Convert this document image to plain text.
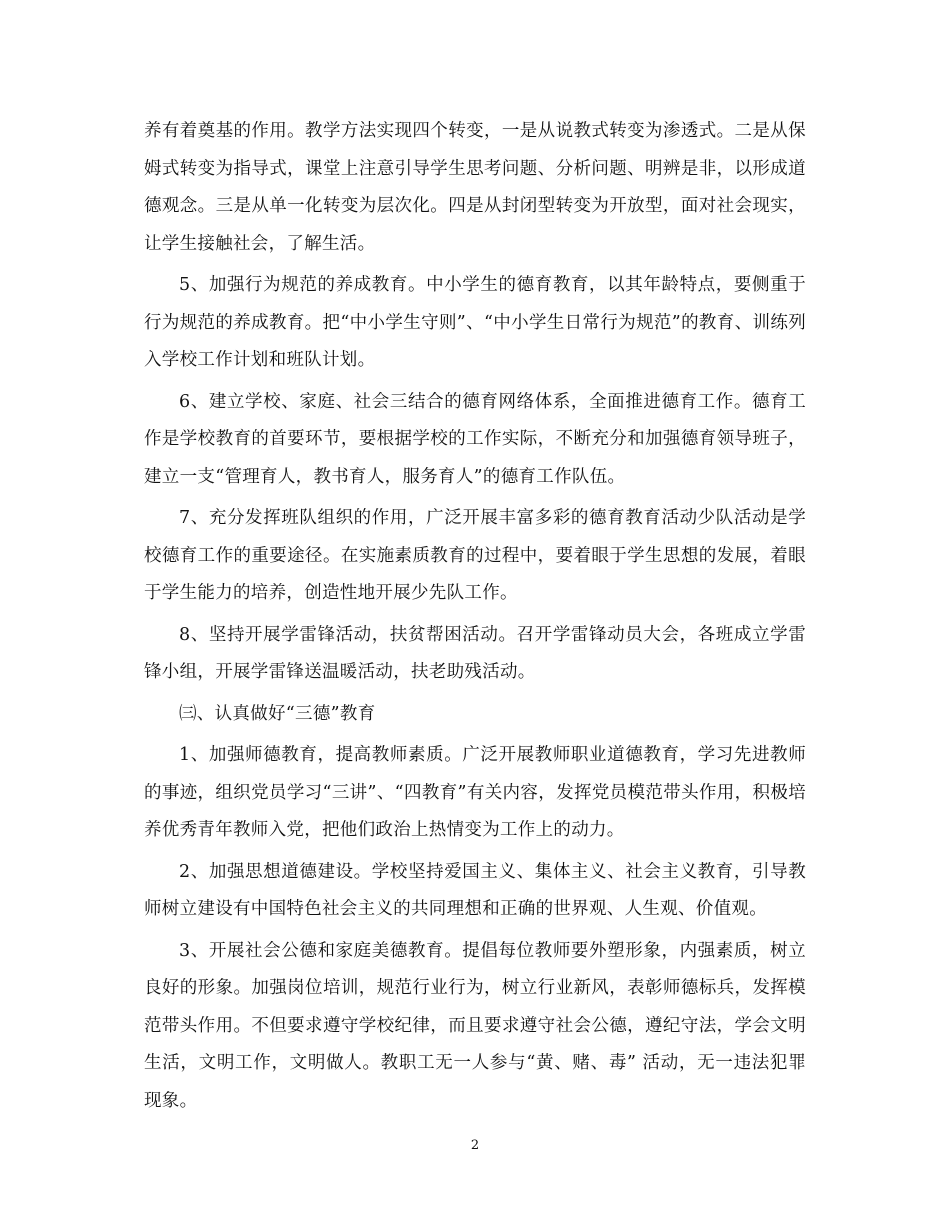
养有着奠基的作用。教学方法实现四个转变，一是从说教式转变为渗透式。二是从保姆式转变为指导式，课堂上注意引导学生思考问题、分析问题、明辨是非，以形成道德观念。三是从单一化转变为层次化。四是从封闭型转变为开放型，面对社会现实，让学生接触社会，了解生活。

5、加强行为规范的养成教育。中小学生的德育教育，以其年龄特点，要侧重于行为规范的养成教育。把“中小学生守则”、“中小学生日常行为规范”的教育、训练列入学校工作计划和班队计划。

6、建立学校、家庭、社会三结合的德育网络体系，全面推进德育工作。德育工作是学校教育的首要环节，要根据学校的工作实际，不断充分和加强德育领导班子，建立一支“管理育人，教书育人，服务育人”的德育工作队伍。

7、充分发挥班队组织的作用，广泛开展丰富多彩的德育教育活动少队活动是学校德育工作的重要途径。在实施素质教育的过程中，要着眼于学生思想的发展，着眼于学生能力的培养，创造性地开展少先队工作。

8、坚持开展学雷锋活动，扶贫帮困活动。召开学雷锋动员大会，各班成立学雷锋小组，开展学雷锋送温暖活动，扶老助残活动。

㈢、认真做好“三德”教育

1、加强师德教育，提高教师素质。广泛开展教师职业道德教育，学习先进教师的事迹，组织党员学习“三讲”、“四教育”有关内容，发挥党员模范带头作用，积极培养优秀青年教师入党，把他们政治上热情变为工作上的动力。

2、加强思想道德建设。学校坚持爱国主义、集体主义、社会主义教育，引导教师树立建设有中国特色社会主义的共同理想和正确的世界观、人生观、价值观。

3、开展社会公德和家庭美德教育。提倡每位教师要外塑形象，内强素质，树立良好的形象。加强岗位培训，规范行业行为，树立行业新风，表彰师德标兵，发挥模范带头作用。不但要求遵守学校纪律，而且要求遵守社会公德，遵纪守法，学会文明生活，文明工作，文明做人。教职工无一人参与“黄、赌、毒” 活动，无一违法犯罪现象。

2
